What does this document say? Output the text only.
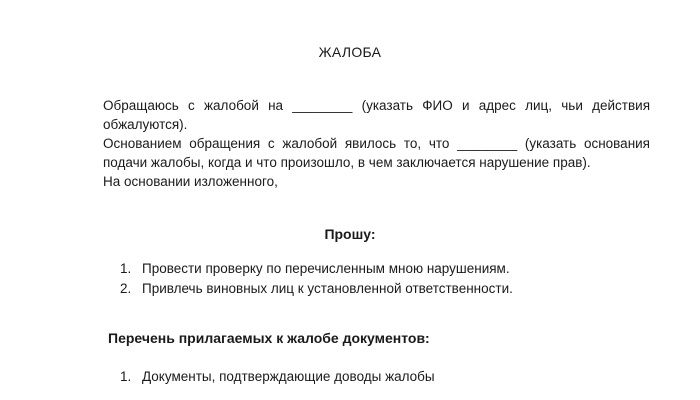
ЖАЛОБА

Обращаюсь с жалобой на ________ (указать ФИО и адрес лиц, чьи действия обжалуются).

Основанием обращения с жалобой явилось то, что ________ (указать основания подачи жалобы, когда и что произошло, в чем заключается нарушение прав).

На основании изложенного,

Прошу:
1. Провести проверку по перечисленным мною нарушениям.
2. Привлечь виновных лиц к установленной ответственности.
Перечень прилагаемых к жалобе документов:
1. Документы, подтверждающие доводы жалобы
